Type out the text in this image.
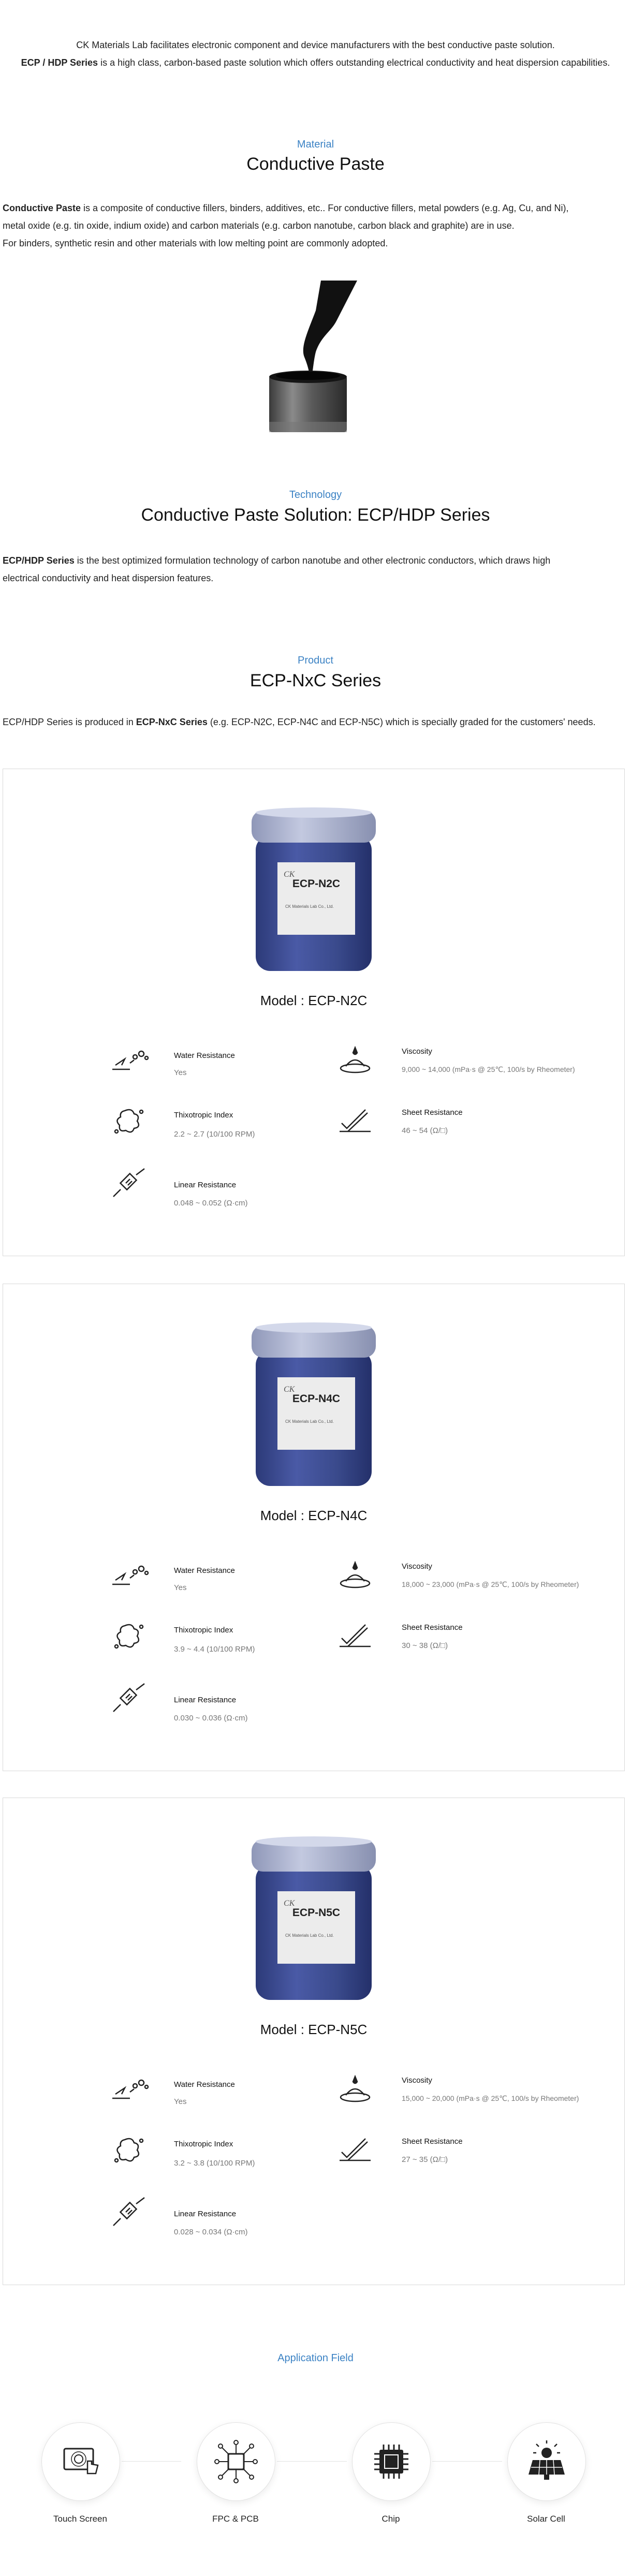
CK Materials Lab facilitates electronic component and device manufacturers with the best conductive paste solution.
ECP / HDP Series is a high class, carbon-based paste solution which offers outstanding electrical conductivity and heat dispersion capabilities.
Material
Conductive Paste
Conductive Paste is a composite of conductive fillers, binders, additives, etc.. For conductive fillers, metal powders (e.g. Ag, Cu, and Ni),
metal oxide (e.g. tin oxide, indium oxide) and carbon materials (e.g. carbon nanotube, carbon black and graphite) are in use.
For binders, synthetic resin and other materials with low melting point are commonly adopted.
Technology
Conductive Paste Solution: ECP/HDP Series
ECP/HDP Series is the best optimized formulation technology of carbon nanotube and other electronic conductors, which draws high
electrical conductivity and heat dispersion features.
Product
ECP-NxC Series
ECP/HDP Series is produced in ECP-NxC Series (e.g. ECP-N2C, ECP-N4C and ECP-N5C) which is specially graded for the customers' needs.
CK
ECP-N2C
CK Materials Lab Co., Ltd.
Model : ECP-N2C
Water Resistance
Yes
Viscosity
9,000 ~ 14,000 (mPa·s @ 25℃, 100/s by Rheometer)
Thixotropic Index
2.2 ~ 2.7 (10/100 RPM)
Sheet Resistance
46 ~ 54 (Ω/□)
Linear Resistance
0.048 ~ 0.052 (Ω·cm)
CK
ECP-N4C
CK Materials Lab Co., Ltd.
Model : ECP-N4C
Water Resistance
Yes
Viscosity
18,000 ~ 23,000 (mPa·s @ 25℃, 100/s by Rheometer)
Thixotropic Index
3.9 ~ 4.4 (10/100 RPM)
Sheet Resistance
30 ~ 38 (Ω/□)
Linear Resistance
0.030 ~ 0.036 (Ω·cm)
CK
ECP-N5C
CK Materials Lab Co., Ltd.
Model : ECP-N5C
Water Resistance
Yes
Viscosity
15,000 ~ 20,000 (mPa·s @ 25℃, 100/s by Rheometer)
Thixotropic Index
3.2 ~ 3.8 (10/100 RPM)
Sheet Resistance
27 ~ 35 (Ω/□)
Linear Resistance
0.028 ~ 0.034 (Ω·cm)
Application Field
Touch Screen	FPC & PCB	Chip	Solar Cell
